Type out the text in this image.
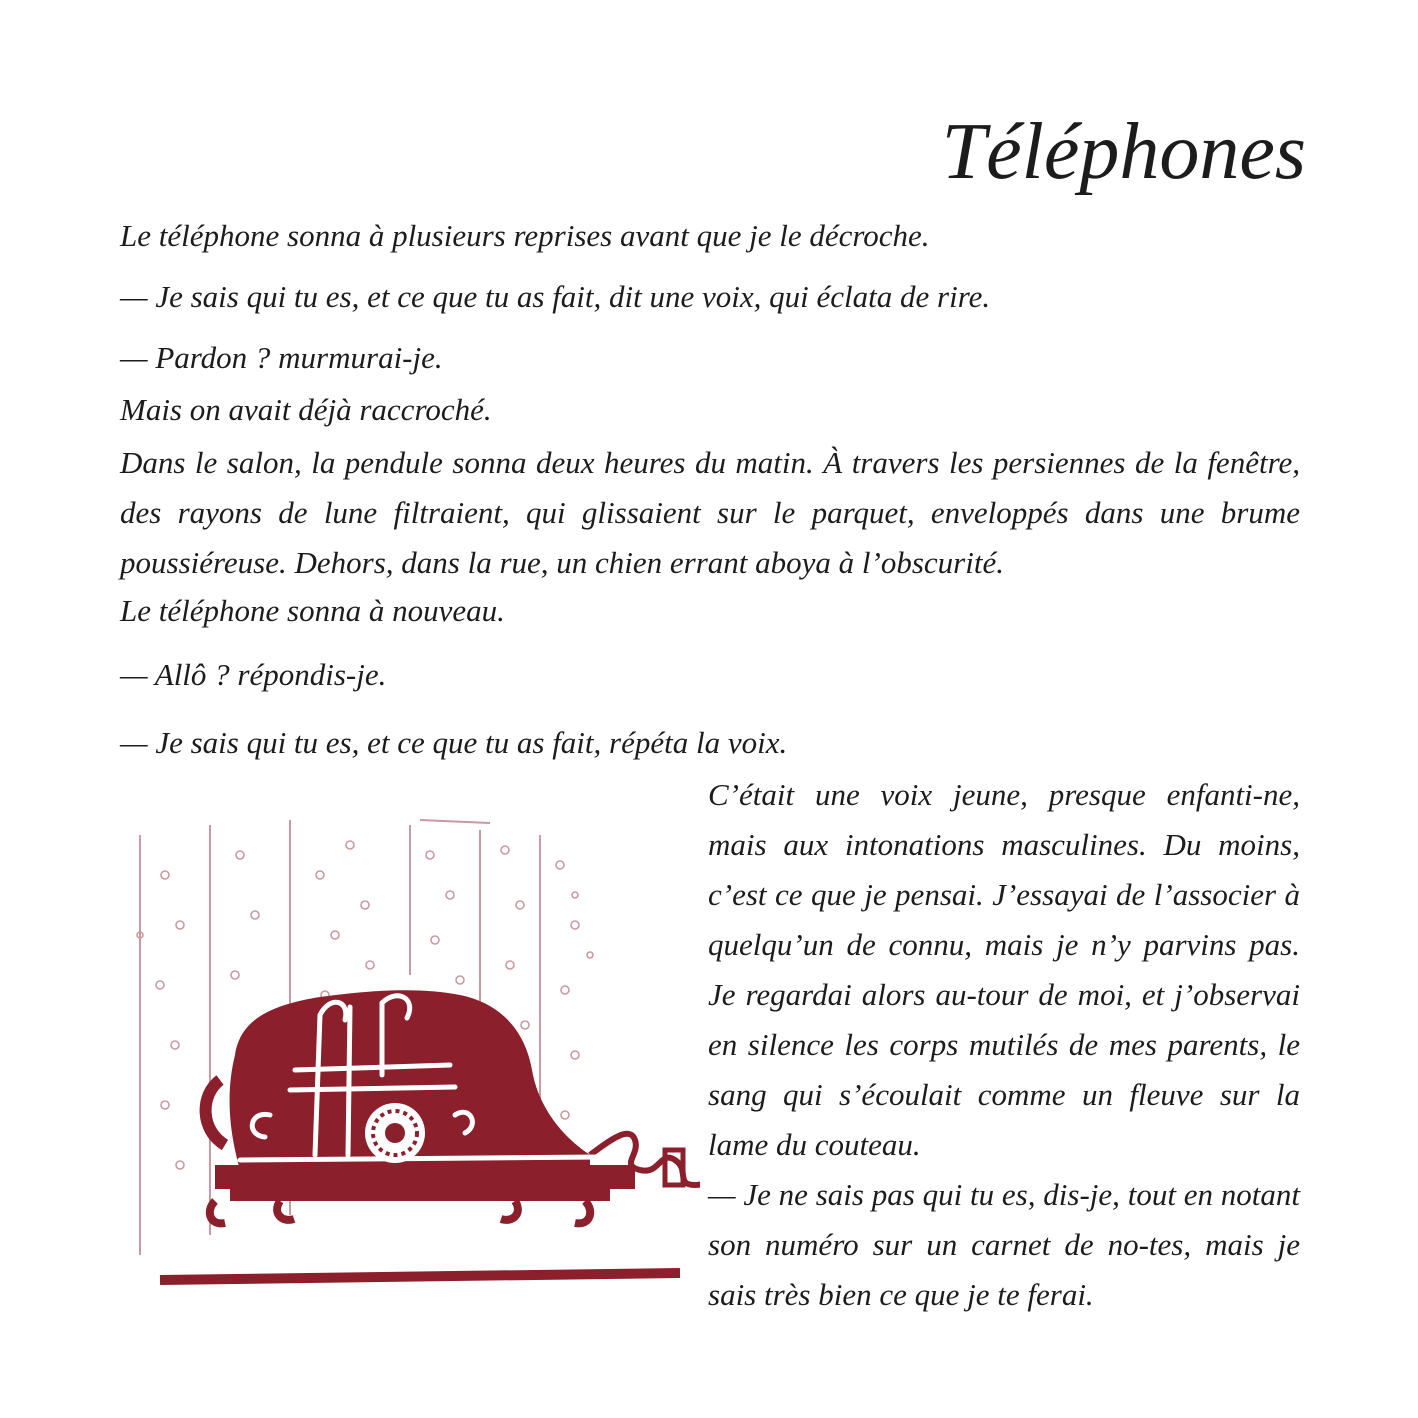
Téléphones

Le téléphone sonna à plusieurs reprises avant que je le décroche.

— Je sais qui tu es, et ce que tu as fait, dit une voix, qui éclata de rire.

— Pardon ? murmurai-je.

Mais on avait déjà raccroché.

Dans le salon, la pendule sonna deux heures du matin. À travers les persiennes de la fenêtre, des rayons de lune filtraient, qui glissaient sur le parquet, enveloppés dans une brume poussiéreuse. Dehors, dans la rue, un chien errant aboya à l’obscurité.

Le téléphone sonna à nouveau.

— Allô ? répondis-je.

— Je sais qui tu es, et ce que tu as fait, répéta la voix.

C’était une voix jeune, presque enfanti-ne, mais aux intonations masculines. Du moins, c’est ce que je pensai. J’essayai de l’associer à quelqu’un de connu, mais je n’y parvins pas. Je regardai alors au-tour de moi, et j’observai en silence les corps mutilés de mes parents, le sang qui s’écoulait comme un fleuve sur la lame du couteau.

— Je ne sais pas qui tu es, dis-je, tout en notant son numéro sur un carnet de no-tes, mais je sais très bien ce que je te ferai.
